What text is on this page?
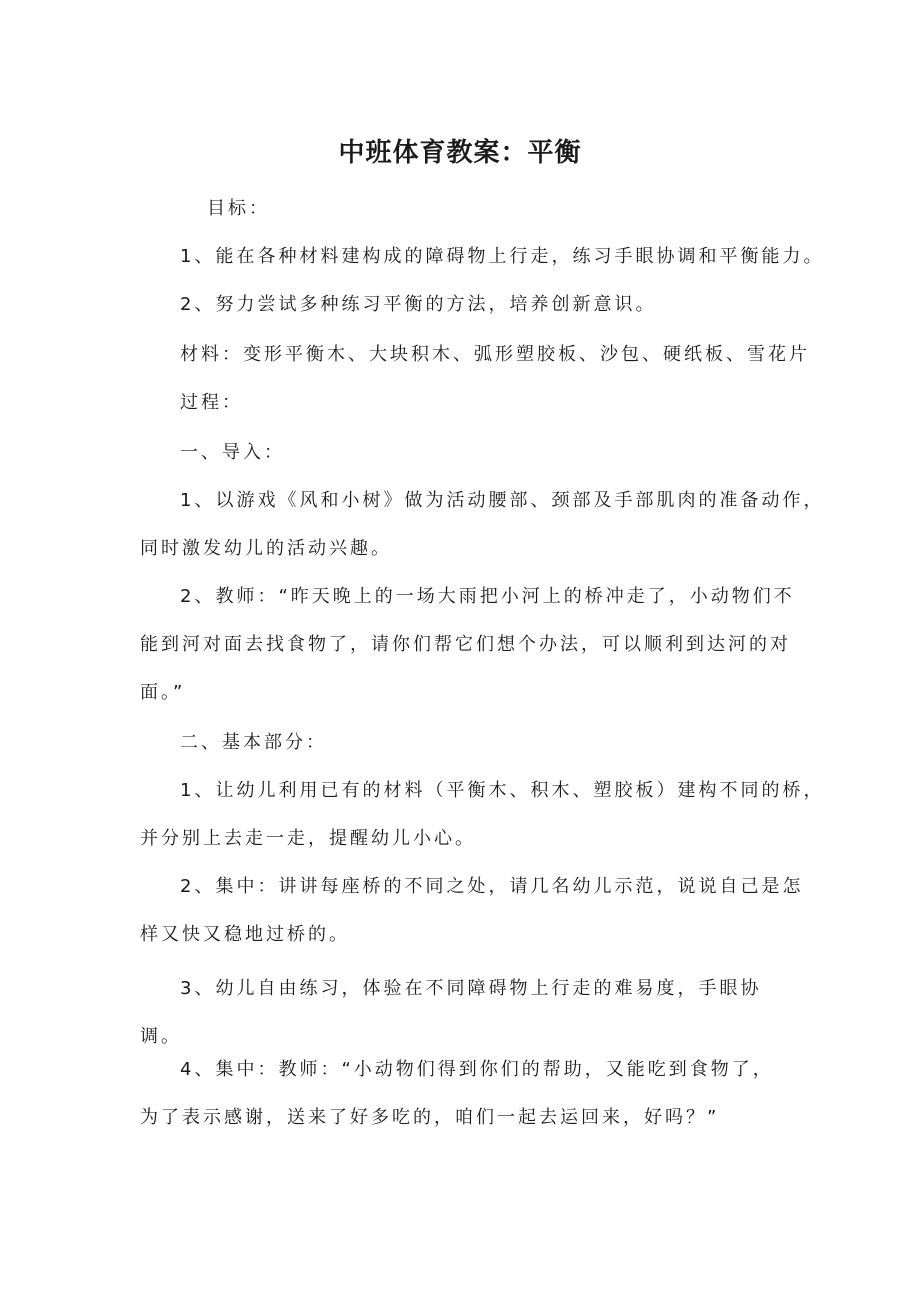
中班体育教案：平衡
目标：
1、能在各种材料建构成的障碍物上行走，练习手眼协调和平衡能力。
2、努力尝试多种练习平衡的方法，培养创新意识。
材料：变形平衡木、大块积木、弧形塑胶板、沙包、硬纸板、雪花片
过程：
一、导入：
1、以游戏《风和小树》做为活动腰部、颈部及手部肌肉的准备动作，
同时激发幼儿的活动兴趣。
2、教师：“昨天晚上的一场大雨把小河上的桥冲走了，小动物们不
能到河对面去找食物了，请你们帮它们想个办法，可以顺利到达河的对
面。”
二、基本部分：
1、让幼儿利用已有的材料（平衡木、积木、塑胶板）建构不同的桥，
并分别上去走一走，提醒幼儿小心。
2、集中：讲讲每座桥的不同之处，请几名幼儿示范，说说自己是怎
样又快又稳地过桥的。
3、幼儿自由练习，体验在不同障碍物上行走的难易度，手眼协
调。
4、集中：教师：“小动物们得到你们的帮助，又能吃到食物了，
为了表示感谢，送来了好多吃的，咱们一起去运回来，好吗？”
